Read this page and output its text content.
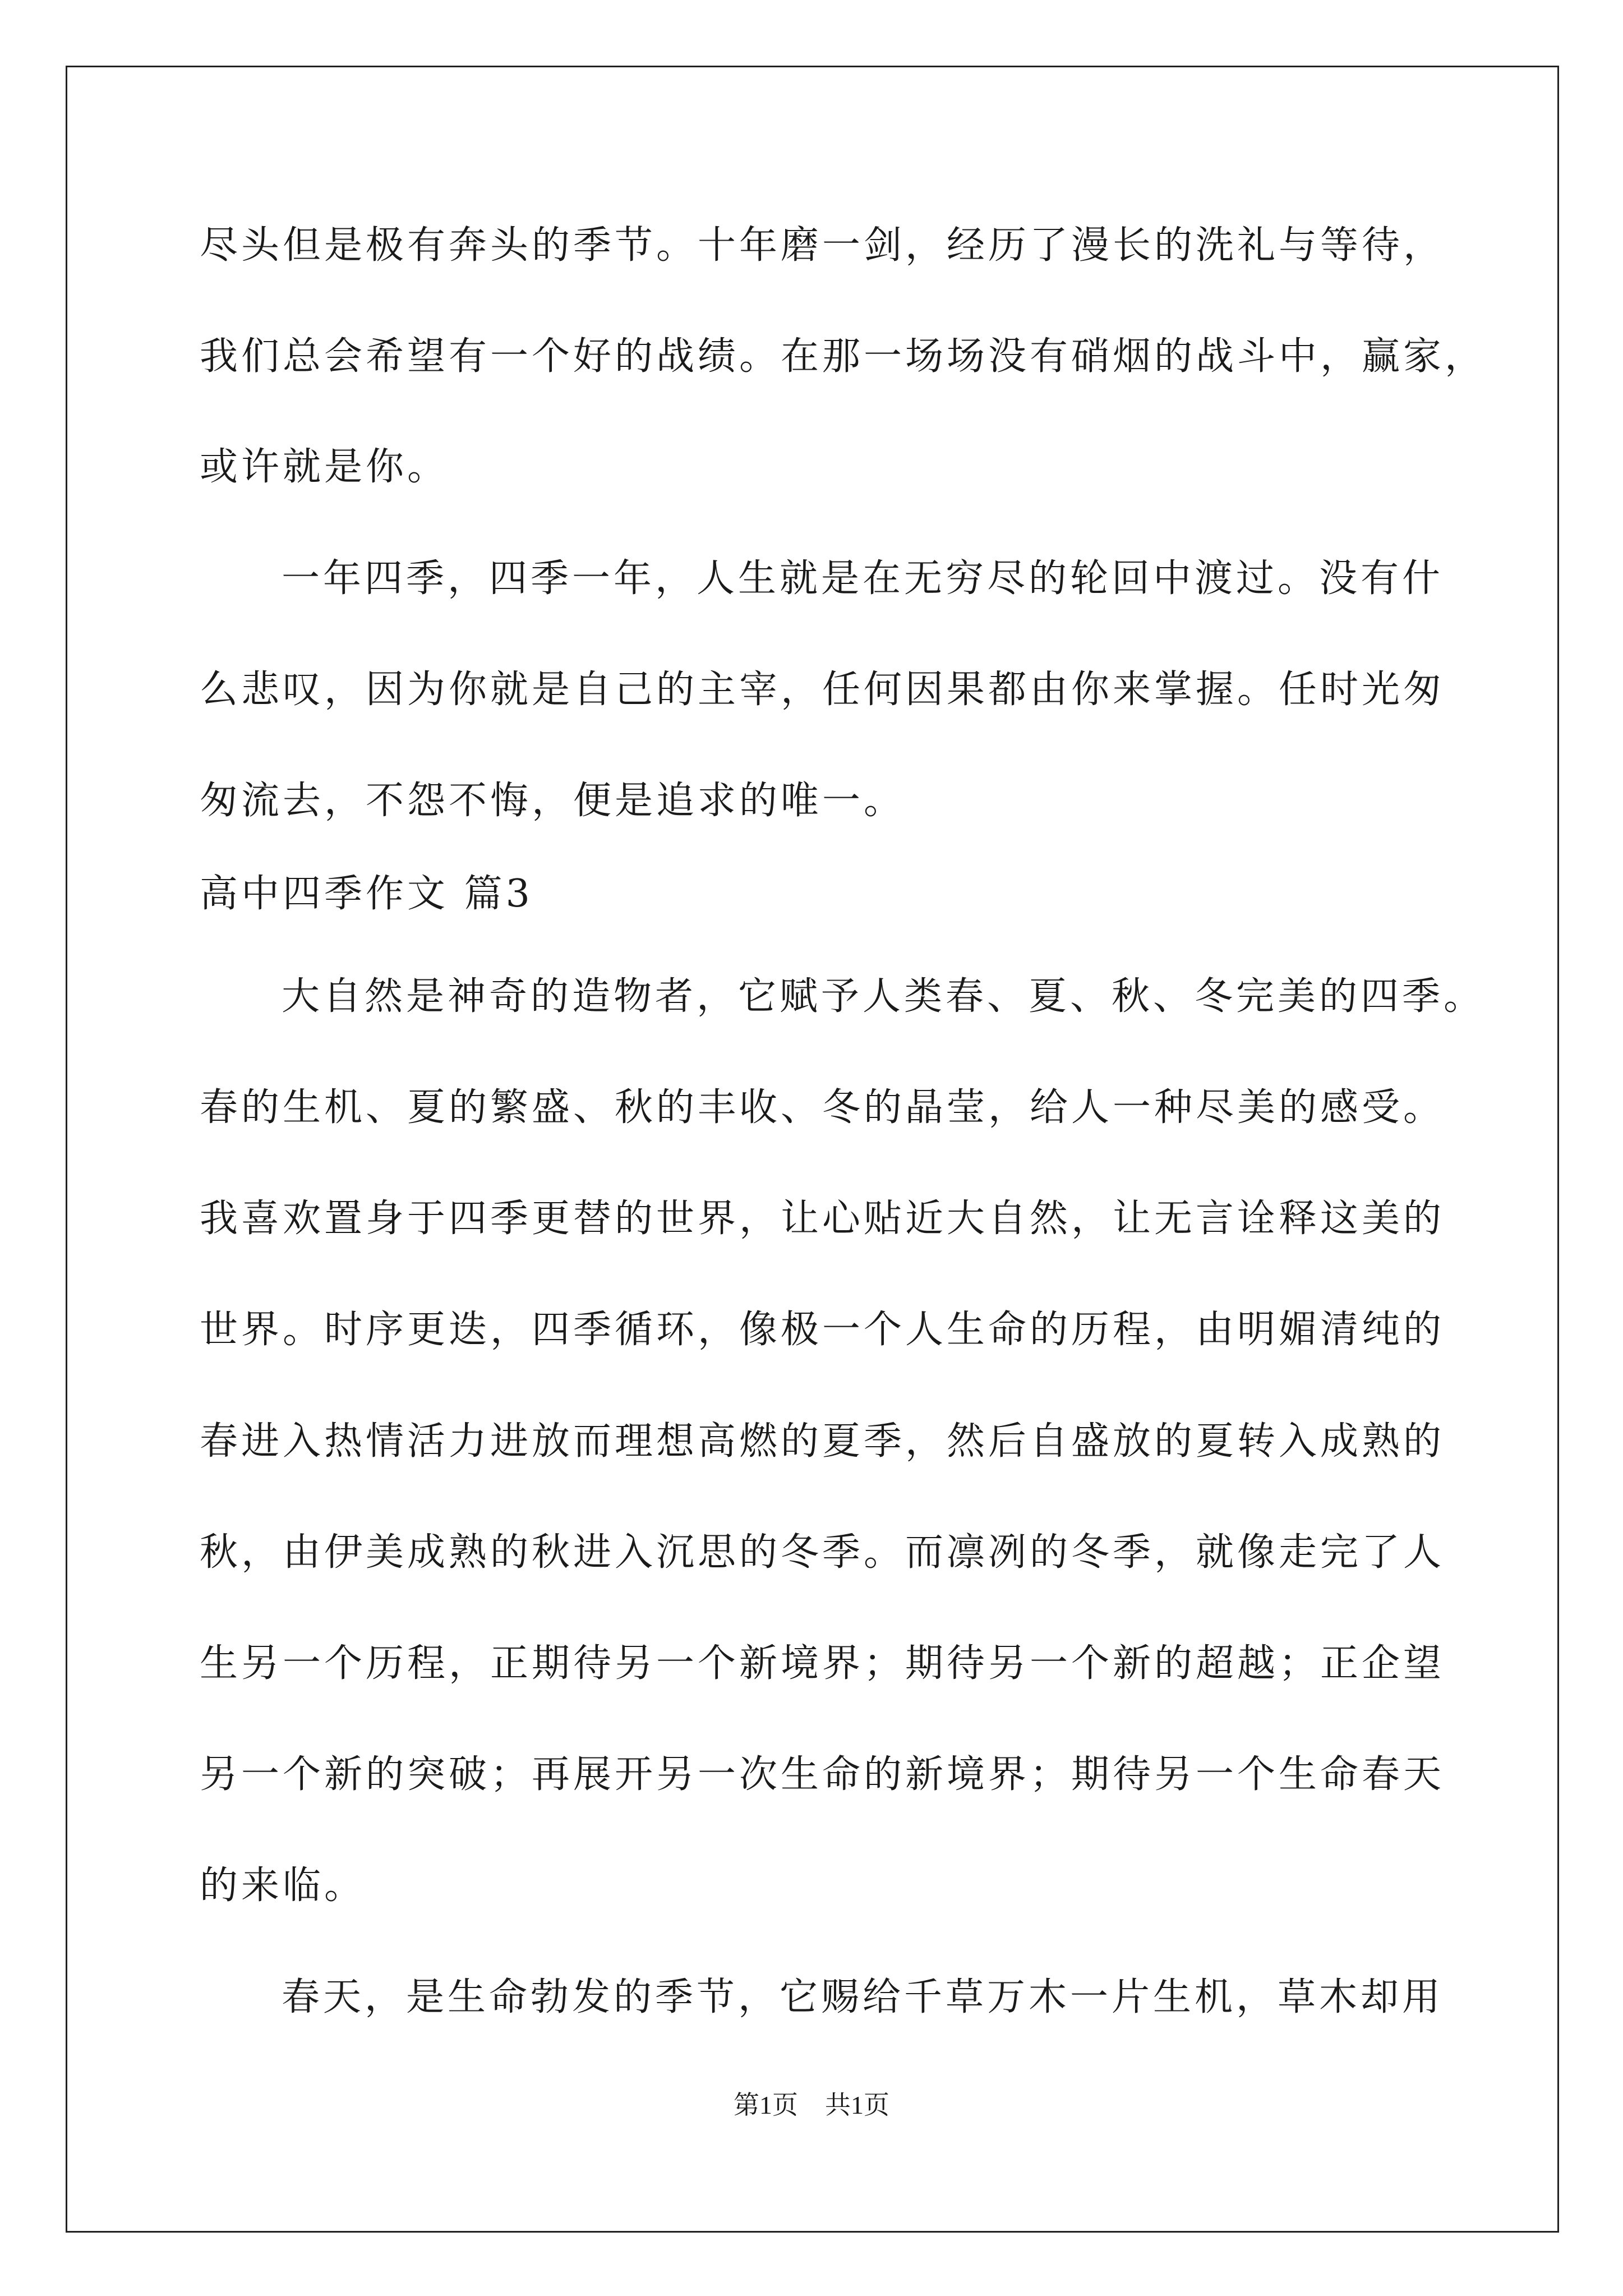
尽头但是极有奔头的季节。十年磨一剑，经历了漫长的洗礼与等待，
我们总会希望有一个好的战绩。在那一场场没有硝烟的战斗中，赢家，
或许就是你。
一年四季，四季一年，人生就是在无穷尽的轮回中渡过。没有什
么悲叹，因为你就是自己的主宰，任何因果都由你来掌握。任时光匆
匆流去，不怨不悔，便是追求的唯一。
高中四季作文 篇3
大自然是神奇的造物者，它赋予人类春、夏、秋、冬完美的四季。
春的生机、夏的繁盛、秋的丰收、冬的晶莹，给人一种尽美的感受。
我喜欢置身于四季更替的世界，让心贴近大自然，让无言诠释这美的
世界。时序更迭，四季循环，像极一个人生命的历程，由明媚清纯的
春进入热情活力进放而理想高燃的夏季，然后自盛放的夏转入成熟的
秋，由伊美成熟的秋进入沉思的冬季。而凛冽的冬季，就像走完了人
生另一个历程，正期待另一个新境界；期待另一个新的超越；正企望
另一个新的突破；再展开另一次生命的新境界；期待另一个生命春天
的来临。
春天，是生命勃发的季节，它赐给千草万木一片生机，草木却用
第1页 共1页
